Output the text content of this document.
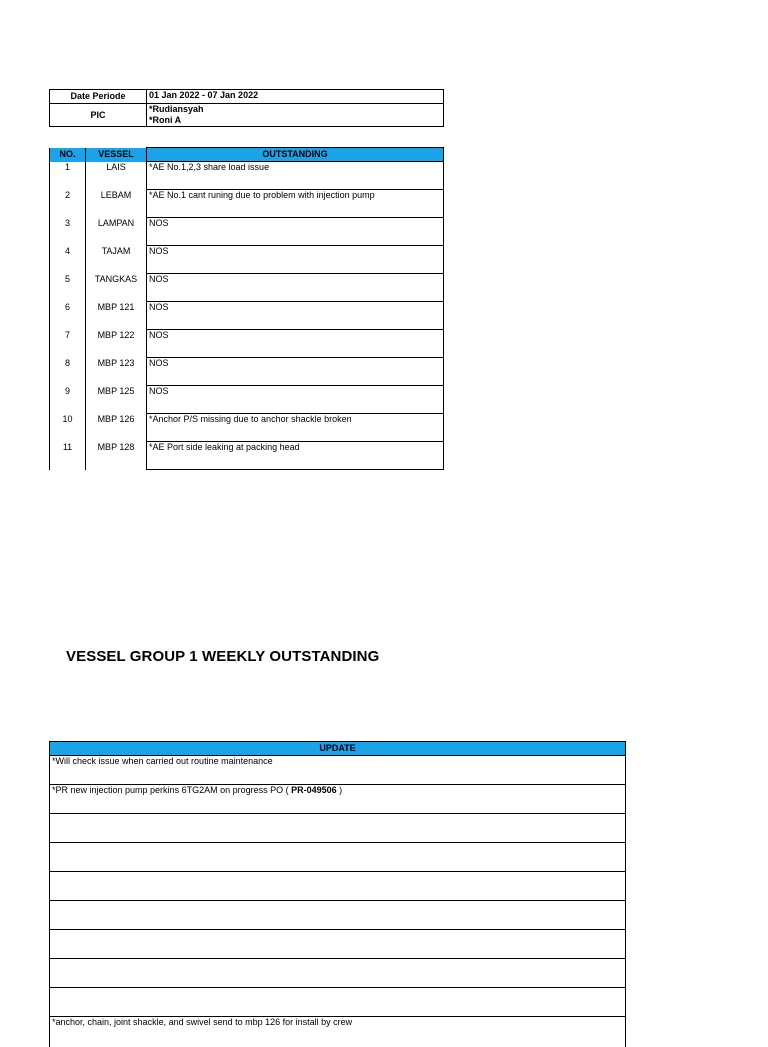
Date Periode	01 Jan 2022 - 07 Jan 2022
PIC	*Rudiansyah
*Roni A
NO.	VESSEL	OUTSTANDING
1	LAIS	*AE No.1,2,3 share load issue
2	LEBAM	*AE No.1 cant runing due to problem with injection pump
3	LAMPAN	NOS
4	TAJAM	NOS
5	TANGKAS	NOS
6	MBP 121	NOS
7	MBP 122	NOS
8	MBP 123	NOS
9	MBP 125	NOS
10	MBP 126	*Anchor P/S missing due to anchor shackle broken
11	MBP 128	*AE Port side leaking at packing head
VESSEL GROUP 1 WEEKLY OUTSTANDING
UPDATE
*Will check issue when carried out routine maintenance
*PR new injection pump perkins 6TG2AM on progress PO ( PR-049506 )

*anchor, chain, joint shackle, and swivel send to mbp 126 for install by crew
